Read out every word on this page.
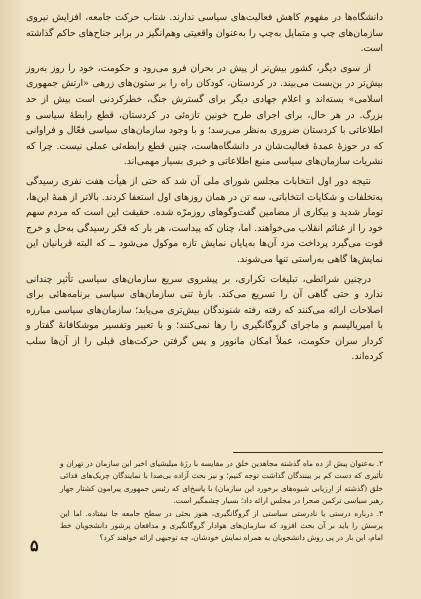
دانشگاه‌ها در مفهوم کاهش فعالیت‌های سیاسی ندارند. شتاب حرکت جامعه، افزایش نیروی سازمان‌های چپ و متمایل به‌چپ را به‌عنوان واقعیتی وهم‌انگیز در برابر جناح‌های حاکم گذاشته است.

از سوی دیگر، کشور بیش‌تر از پیش در بحران فرو می‌رود و حکومت، خود را روز به‌روز بیش‌تر در بن‌بست می‌بیند. در کردستان، کودکان راه را بر ستون‌های زرهی «ارتش جمهوری اسلامی» بسته‌اند و اعلام جهادی دیگر برای گسترش جنگ، خطرکردنی است بیش از حد بزرگ. در هر حال، برای اجرای طرح خونین تازه‌ئی در کردستان، قطع رابطهٔ سیاسی و اطلاعاتی با کردستان ضروری به‌نظر می‌رسد؛ و با وجود سازمان‌های سیاسی فعّال و فراوانی که در حوزهٔ عمدهٔ فعالیت‌شان در دانشگاه‌هاست، چنین قطع رابطه‌ئی عملی نیست. چرا که نشریات سازمان‌های سیاسی منبع اطلاعاتی و خبری بسیار مهمی‌اند.

نتیجه دور اول انتخابات مجلس شورای ملی آن شد که حتی از هیأت هفت نفری رسیدگی به‌تخلفات و شکایات انتخاباتی، سه تن در همان روزهای اول استعفا کردند. بالاتر از همهٔ این‌ها، تومار شدید و بیکاری از مضامین گفت‌وگوهای روزمرّه شده. حقیقت این است که مردم سهم خود را از غنائم انقلاب می‌خواهند. اما، چنان که پیداست، هر بار که فکر رسیدگی به‌حل و خرج قوت می‌گیرد پرداخت مزد آن‌ها به‌پایان نمایش تازه موکول می‌شود ــ که البته قربانیان این نمایش‌ها گاهی به‌راستی تنها می‌شوند.

درچنین شرائطی، تبلیغات تکراری، بر پیشروی سریع سازمان‌های سیاسی تأثیر چندانی ندارد و حتی گاهی آن را تسریع می‌کند. بازهٔ تنی سازمان‌های سیاسی برنامه‌هائی برای اصلاحات ارائه می‌کنند که رفته رفته شنوندگان بیش‌تری می‌یابد؛ سازمان‌های سیاسی مبارزه با امپریالیسم و ماجرای گروگانگیری را رها نمی‌کنند؛ و با تعبیر وتفسیر موشکافانهٔ گفتار و کردار سران حکومت، عملاً امکان مانوور و پس گرفتن حرکت‌های قبلی را از آن‌ها سلب کرده‌اند.

۲. به‌عنوان پیش از ده ماه گذشته مجاهدین خلق در مقایسه با رژهٔ میلیشیای اخیر این سازمان در تهران و تأثیری که دست کم بر بینندگان گذاشت توجه کنیم؛ و نیز بحث آزاده بی‌صدا با نمایندگان چریک‌های فدائی خلق (گذشته از ارزیابی شیوه‌های برخورد این سازمان) با پاسخ‌ای که رئیس جمهوری پیرامون کشتار جهار رهبر سیاسی ترکمن صحرا در مجلس ارائه داد؛ بسیار چشمگیر است.

۳. درباره درستی یا نادرستی سیاستی از گروگانگیری، هنوز بحثی در سطح جامعه جا نیفتاده. اما این پرسش را باید بر آن بحث افزود که سازمان‌های هوادار گروگانگیری و مدافعان پرشور دانشجویان خط امام، این بار در پی روش دانشجویان به همراه نمایش خودشان، چه توجیهی ارائه خواهند کرد؟

۵
